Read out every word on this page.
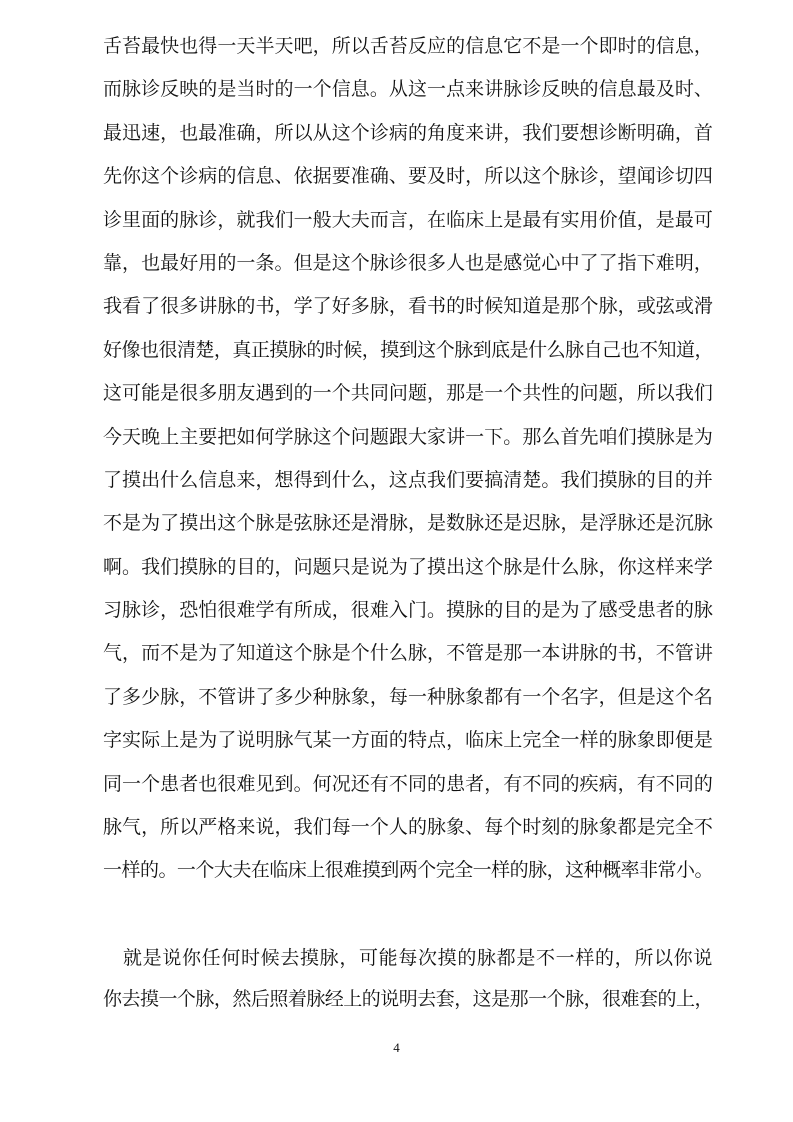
舌苔最快也得一天半天吧，所以舌苔反应的信息它不是一个即时的信息，
而脉诊反映的是当时的一个信息。从这一点来讲脉诊反映的信息最及时、
最迅速，也最准确，所以从这个诊病的角度来讲，我们要想诊断明确，首
先你这个诊病的信息、依据要准确、要及时，所以这个脉诊，望闻诊切四
诊里面的脉诊，就我们一般大夫而言，在临床上是最有实用价值，是最可
靠，也最好用的一条。但是这个脉诊很多人也是感觉心中了了指下难明，
我看了很多讲脉的书，学了好多脉，看书的时候知道是那个脉，或弦或滑
好像也很清楚，真正摸脉的时候，摸到这个脉到底是什么脉自己也不知道，
这可能是很多朋友遇到的一个共同问题，那是一个共性的问题，所以我们
今天晚上主要把如何学脉这个问题跟大家讲一下。那么首先咱们摸脉是为
了摸出什么信息来，想得到什么，这点我们要搞清楚。我们摸脉的目的并
不是为了摸出这个脉是弦脉还是滑脉，是数脉还是迟脉，是浮脉还是沉脉
啊。我们摸脉的目的，问题只是说为了摸出这个脉是什么脉，你这样来学
习脉诊，恐怕很难学有所成，很难入门。摸脉的目的是为了感受患者的脉
气，而不是为了知道这个脉是个什么脉，不管是那一本讲脉的书，不管讲
了多少脉，不管讲了多少种脉象，每一种脉象都有一个名字，但是这个名
字实际上是为了说明脉气某一方面的特点，临床上完全一样的脉象即便是
同一个患者也很难见到。何况还有不同的患者，有不同的疾病，有不同的
脉气，所以严格来说，我们每一个人的脉象、每个时刻的脉象都是完全不
一样的。一个大夫在临床上很难摸到两个完全一样的脉，这种概率非常小。
就是说你任何时候去摸脉，可能每次摸的脉都是不一样的，所以你说
你去摸一个脉，然后照着脉经上的说明去套，这是那一个脉，很难套的上，
4
